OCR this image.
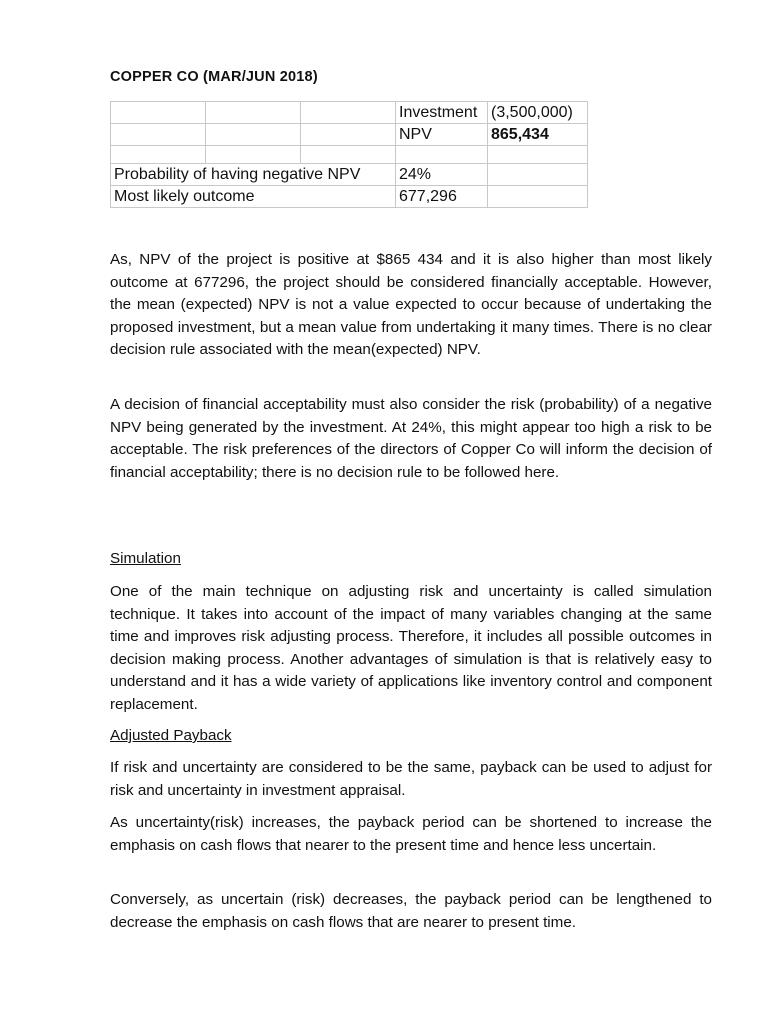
COPPER CO (MAR/JUN 2018)
			Investment	(3,500,000)
			NPV	865,434

Probability of having negative NPV			24%	
Most likely outcome			677,296	

As, NPV of the project is positive at $865 434 and it is also higher than most likely outcome at 677296, the project should be considered financially acceptable. However, the mean (expected) NPV is not a value expected to occur because of undertaking the proposed investment, but a mean value from undertaking it many times. There is no clear decision rule associated with the mean(expected) NPV.

A decision of financial acceptability must also consider the risk (probability) of a negative NPV being generated by the investment. At 24%, this might appear too high a risk to be acceptable. The risk preferences of the directors of Copper Co will inform the decision of financial acceptability; there is no decision rule to be followed here.

Simulation

One of the main technique on adjusting risk and uncertainty is called simulation technique. It takes into account of the impact of many variables changing at the same time and improves risk adjusting process. Therefore, it includes all possible outcomes in decision making process. Another advantages of simulation is that is relatively easy to understand and it has a wide variety of applications like inventory control and component replacement.

Adjusted Payback

If risk and uncertainty are considered to be the same, payback can be used to adjust for risk and uncertainty in investment appraisal.

As uncertainty(risk) increases, the payback period can be shortened to increase the emphasis on cash flows that nearer to the present time and hence less uncertain.

Conversely, as uncertain (risk) decreases, the payback period can be lengthened to decrease the emphasis on cash flows that are nearer to present time.
